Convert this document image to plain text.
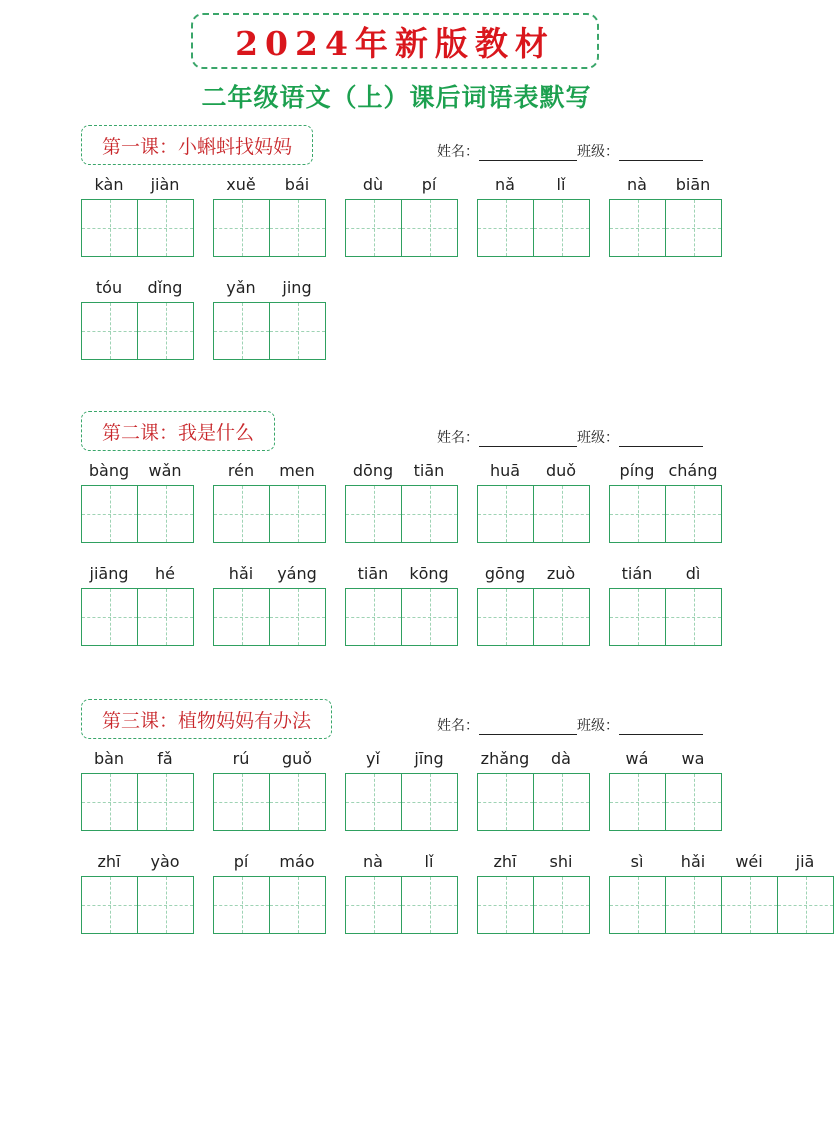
2024年新版教材
二年级语文（上）课后词语表默写
第一课：小蝌蚪找妈妈	姓名：	班级：
kàn	jiàn	xuě	bái	dù	pí	nǎ	lǐ	nà	biān
tóu	dǐng	yǎn	jing
第二课：我是什么	姓名：	班级：
bàng	wǎn	rén	men	dōng	tiān	huā	duǒ	píng cháng
jiāng	hé	hǎi	yáng	tiān	kōng	gōng	zuò	tián	dì
第三课：植物妈妈有办法	姓名：	班级：
bàn	fǎ	rú	guǒ	yǐ	jīng	zhǎng	dà	wá	wa
zhī	yào	pí	máo	nà	lǐ	zhī	shi	sì	hǎi	wéi	jiā
